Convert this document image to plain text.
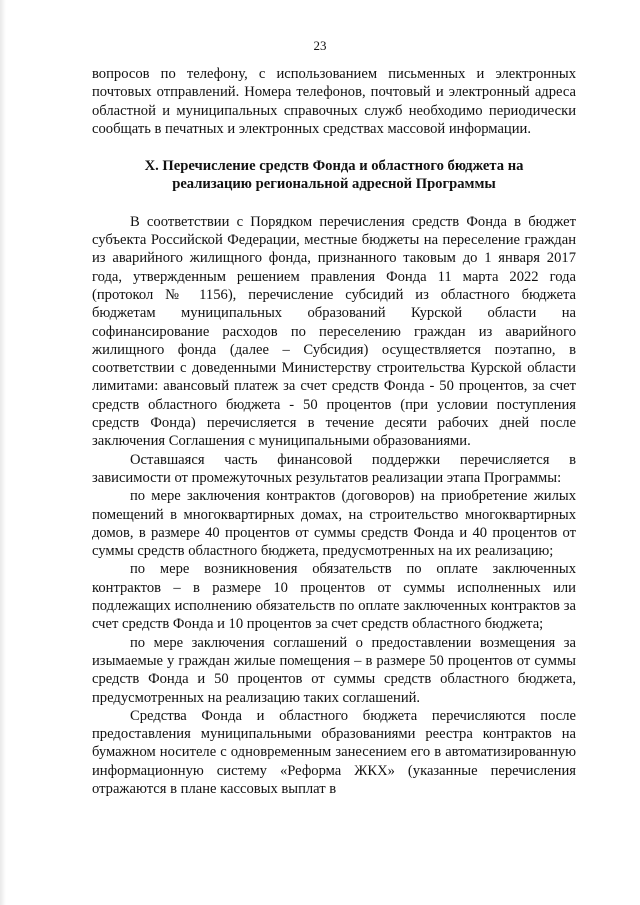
23

вопросов по телефону, с использованием письменных и электронных почтовых отправлений. Номера телефонов, почтовый и электронный адреса областной и муниципальных справочных служб необходимо периодически сообщать в печатных и электронных средствах массовой информации.

X. Перечисление средств Фонда и областного бюджета на
реализацию региональной адресной Программы

В соответствии с Порядком перечисления средств Фонда в бюджет субъекта Российской Федерации, местные бюджеты на переселение граждан из аварийного жилищного фонда, признанного таковым до 1 января 2017 года, утвержденным решением правления Фонда 11 марта 2022 года (протокол № 1156), перечисление субсидий из областного бюджета бюджетам муниципальных образований Курской области на софинансирование расходов по переселению граждан из аварийного жилищного фонда (далее – Субсидия) осуществляется поэтапно, в соответствии с доведенными Министерству строительства Курской области лимитами: авансовый платеж за счет средств Фонда - 50 процентов, за счет средств областного бюджета - 50 процентов (при условии поступления средств Фонда) перечисляется в течение десяти рабочих дней после заключения Соглашения с муниципальными образованиями.

Оставшаяся часть финансовой поддержки перечисляется в зависимости от промежуточных результатов реализации этапа Программы:

по мере заключения контрактов (договоров) на приобретение жилых помещений в многоквартирных домах, на строительство многоквартирных домов, в размере 40 процентов от суммы средств Фонда и 40 процентов от суммы средств областного бюджета, предусмотренных на их реализацию;

по мере возникновения обязательств по оплате заключенных контрактов – в размере 10 процентов от суммы исполненных или подлежащих исполнению обязательств по оплате заключенных контрактов за счет средств Фонда и 10 процентов за счет средств областного бюджета;

по мере заключения соглашений о предоставлении возмещения за изымаемые у граждан жилые помещения – в размере 50 процентов от суммы средств Фонда и 50 процентов от суммы средств областного бюджета, предусмотренных на реализацию таких соглашений.

Средства Фонда и областного бюджета перечисляются после предоставления муниципальными образованиями реестра контрактов на бумажном носителе с одновременным занесением его в автоматизированную информационную систему «Реформа ЖКХ» (указанные перечисления отражаются в плане кассовых выплат в
